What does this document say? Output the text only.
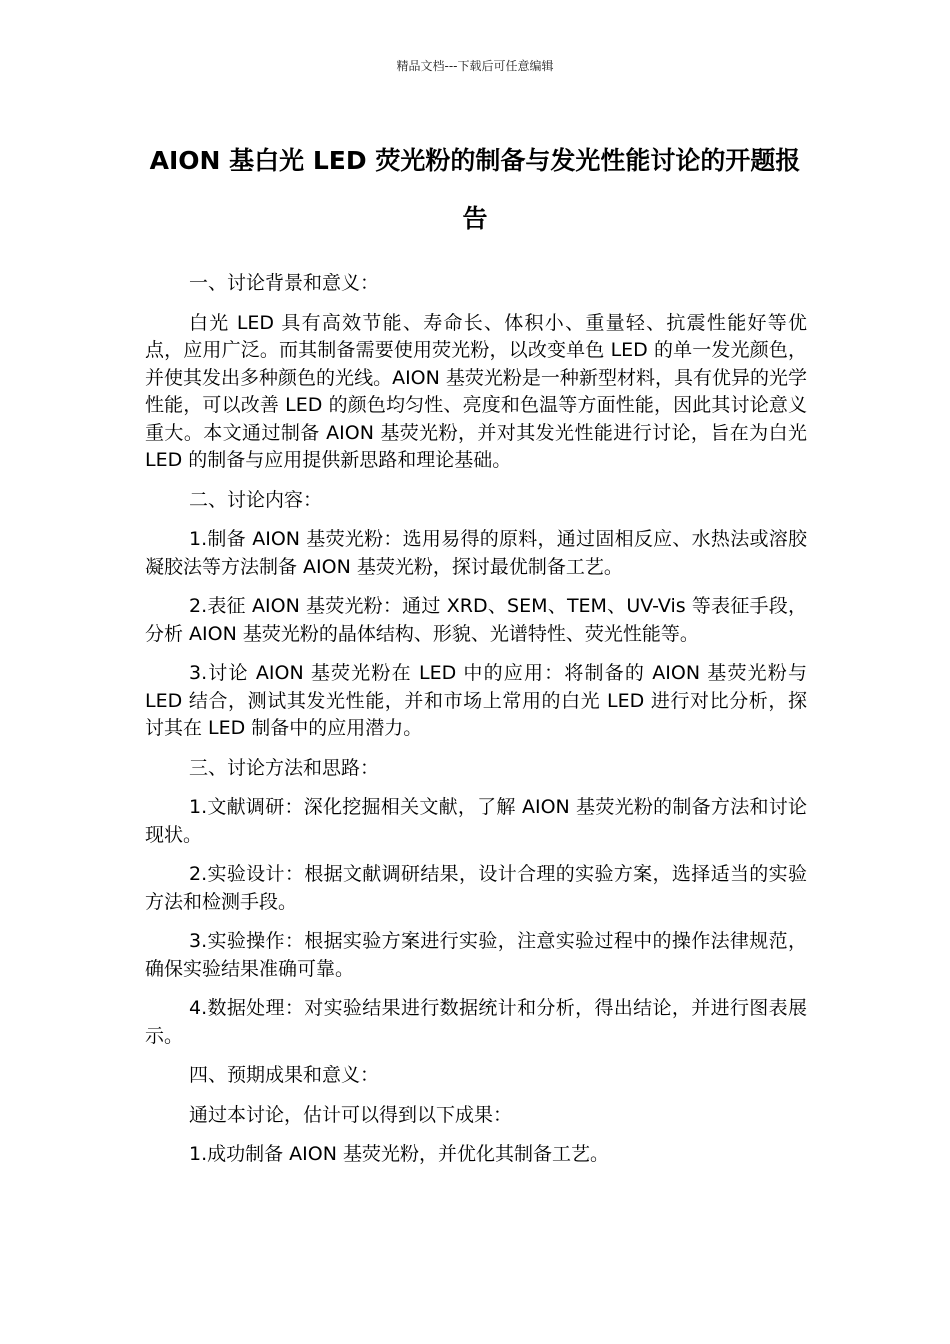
精品文档---下载后可任意编辑
AION 基白光 LED 荧光粉的制备与发光性能讨论的开题报告

一、讨论背景和意义：

白光 LED 具有高效节能、寿命长、体积小、重量轻、抗震性能好等优点，应用广泛。而其制备需要使用荧光粉，以改变单色 LED 的单一发光颜色，并使其发出多种颜色的光线。AION 基荧光粉是一种新型材料，具有优异的光学性能，可以改善 LED 的颜色均匀性、亮度和色温等方面性能，因此其讨论意义重大。本文通过制备 AION 基荧光粉，并对其发光性能进行讨论，旨在为白光 LED 的制备与应用提供新思路和理论基础。

二、讨论内容：

1.制备 AION 基荧光粉：选用易得的原料，通过固相反应、水热法或溶胶凝胶法等方法制备 AION 基荧光粉，探讨最优制备工艺。

2.表征 AION 基荧光粉：通过 XRD、SEM、TEM、UV-Vis 等表征手段，分析 AION 基荧光粉的晶体结构、形貌、光谱特性、荧光性能等。

3.讨论 AION 基荧光粉在 LED 中的应用：将制备的 AION 基荧光粉与 LED 结合，测试其发光性能，并和市场上常用的白光 LED 进行对比分析，探讨其在 LED 制备中的应用潜力。

三、讨论方法和思路：

1.文献调研：深化挖掘相关文献，了解 AION 基荧光粉的制备方法和讨论现状。

2.实验设计：根据文献调研结果，设计合理的实验方案，选择适当的实验方法和检测手段。

3.实验操作：根据实验方案进行实验，注意实验过程中的操作法律规范，确保实验结果准确可靠。

4.数据处理：对实验结果进行数据统计和分析，得出结论，并进行图表展示。

四、预期成果和意义：

通过本讨论，估计可以得到以下成果：

1.成功制备 AION 基荧光粉，并优化其制备工艺。
